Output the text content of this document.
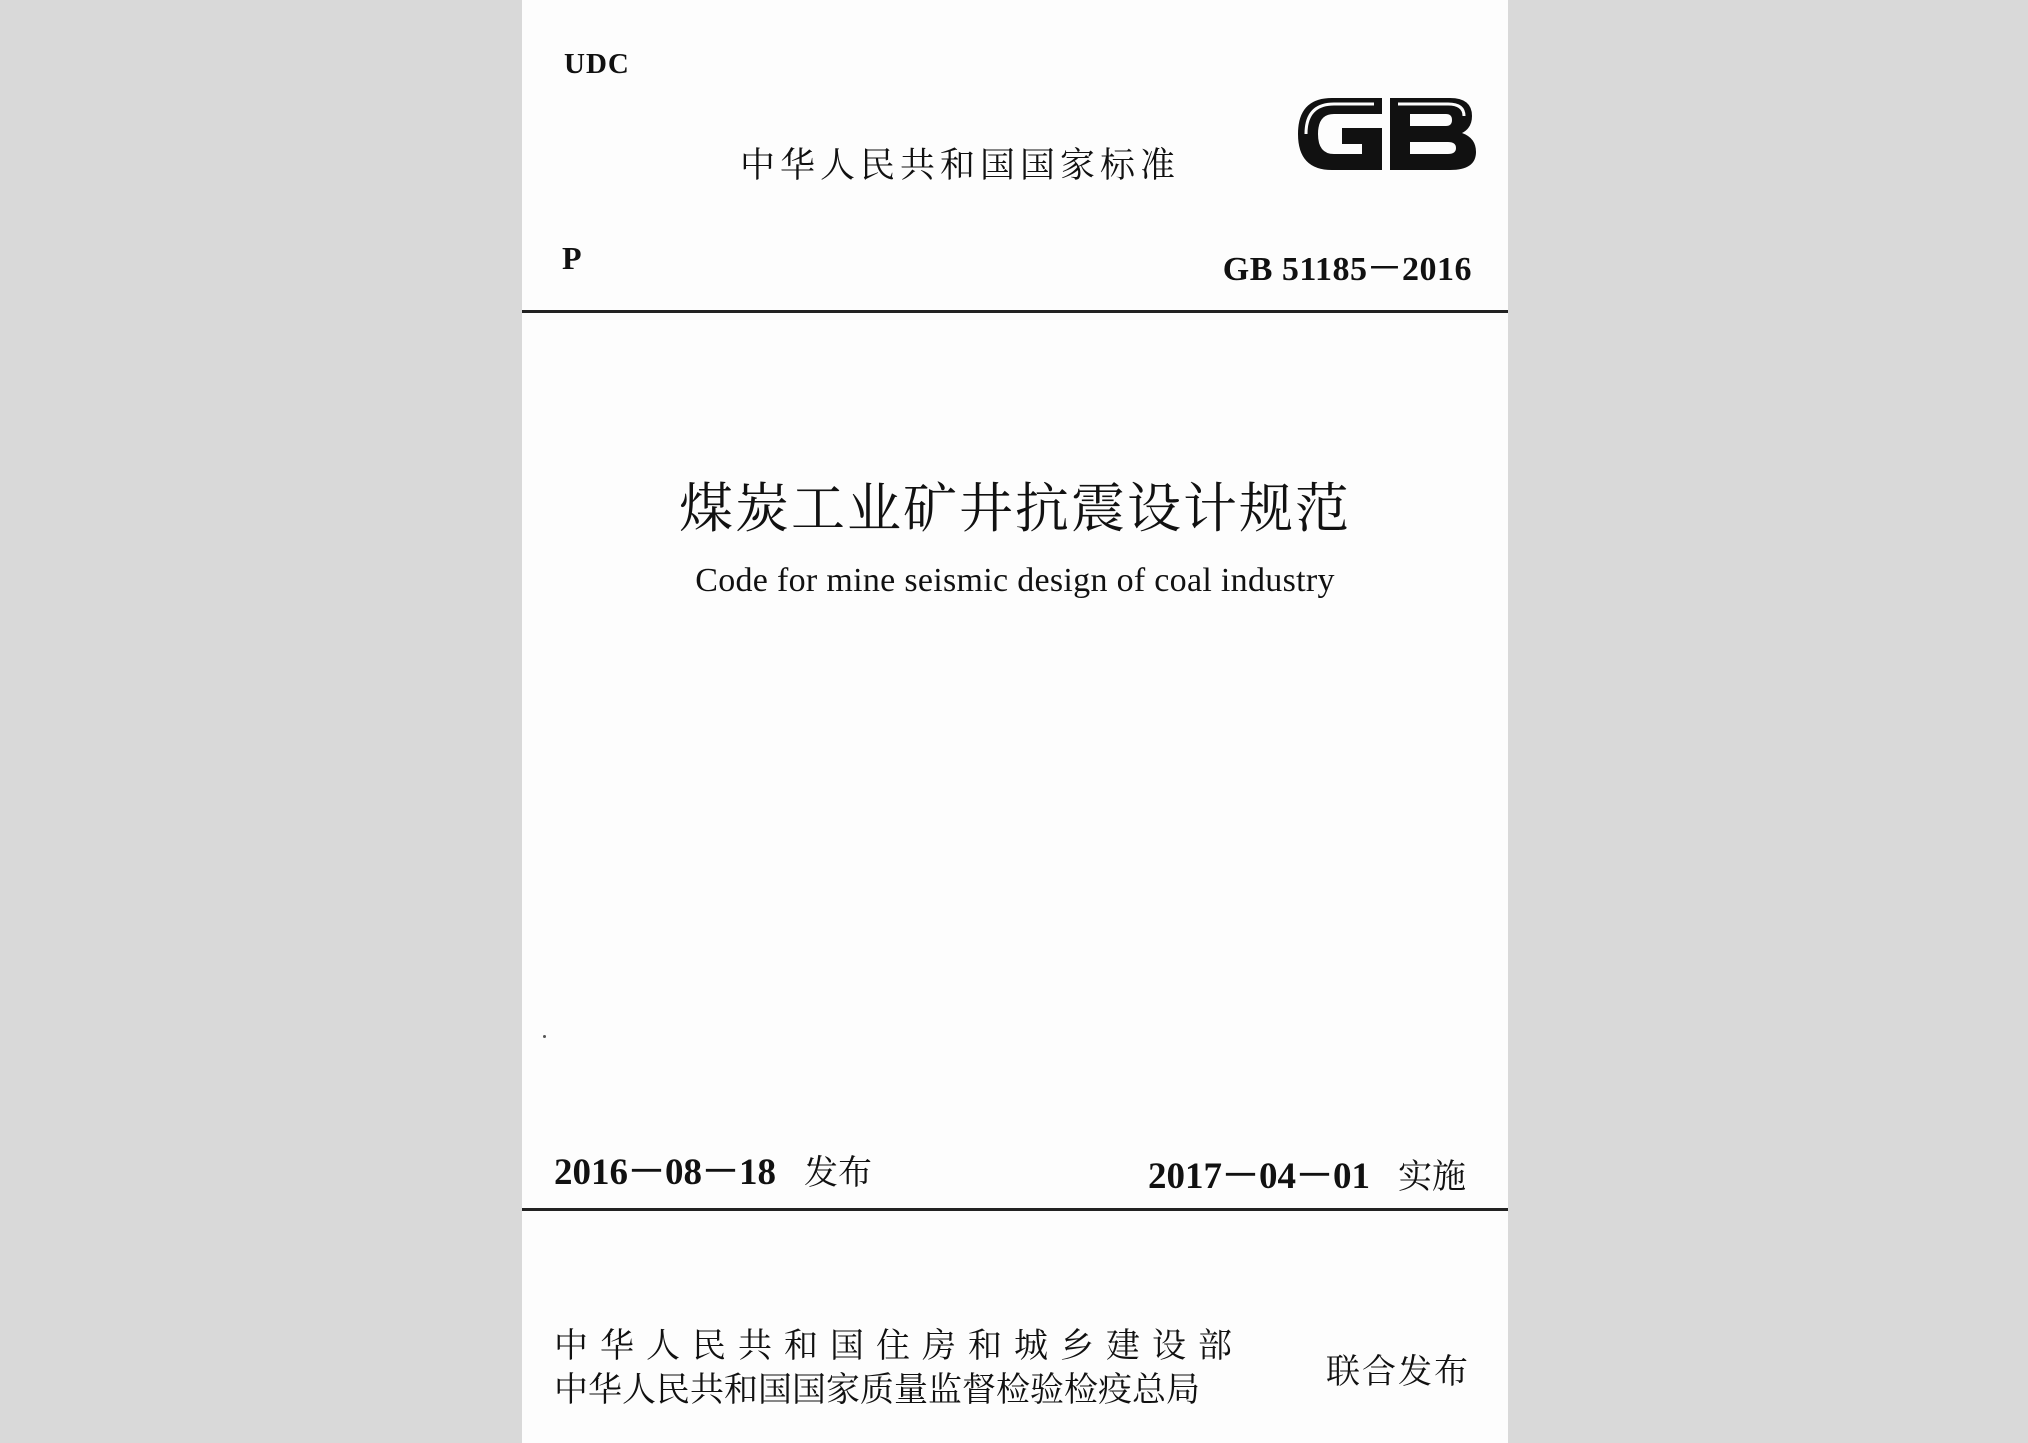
UDC
中华人民共和国国家标准
P	GB 51185－2016
煤炭工业矿井抗震设计规范
Code for mine seismic design of coal industry
2016－08－18 发布	2017－04－01 实施
中华人民共和国住房和城乡建设部
中华人民共和国国家质量监督检验检疫总局	联合发布
